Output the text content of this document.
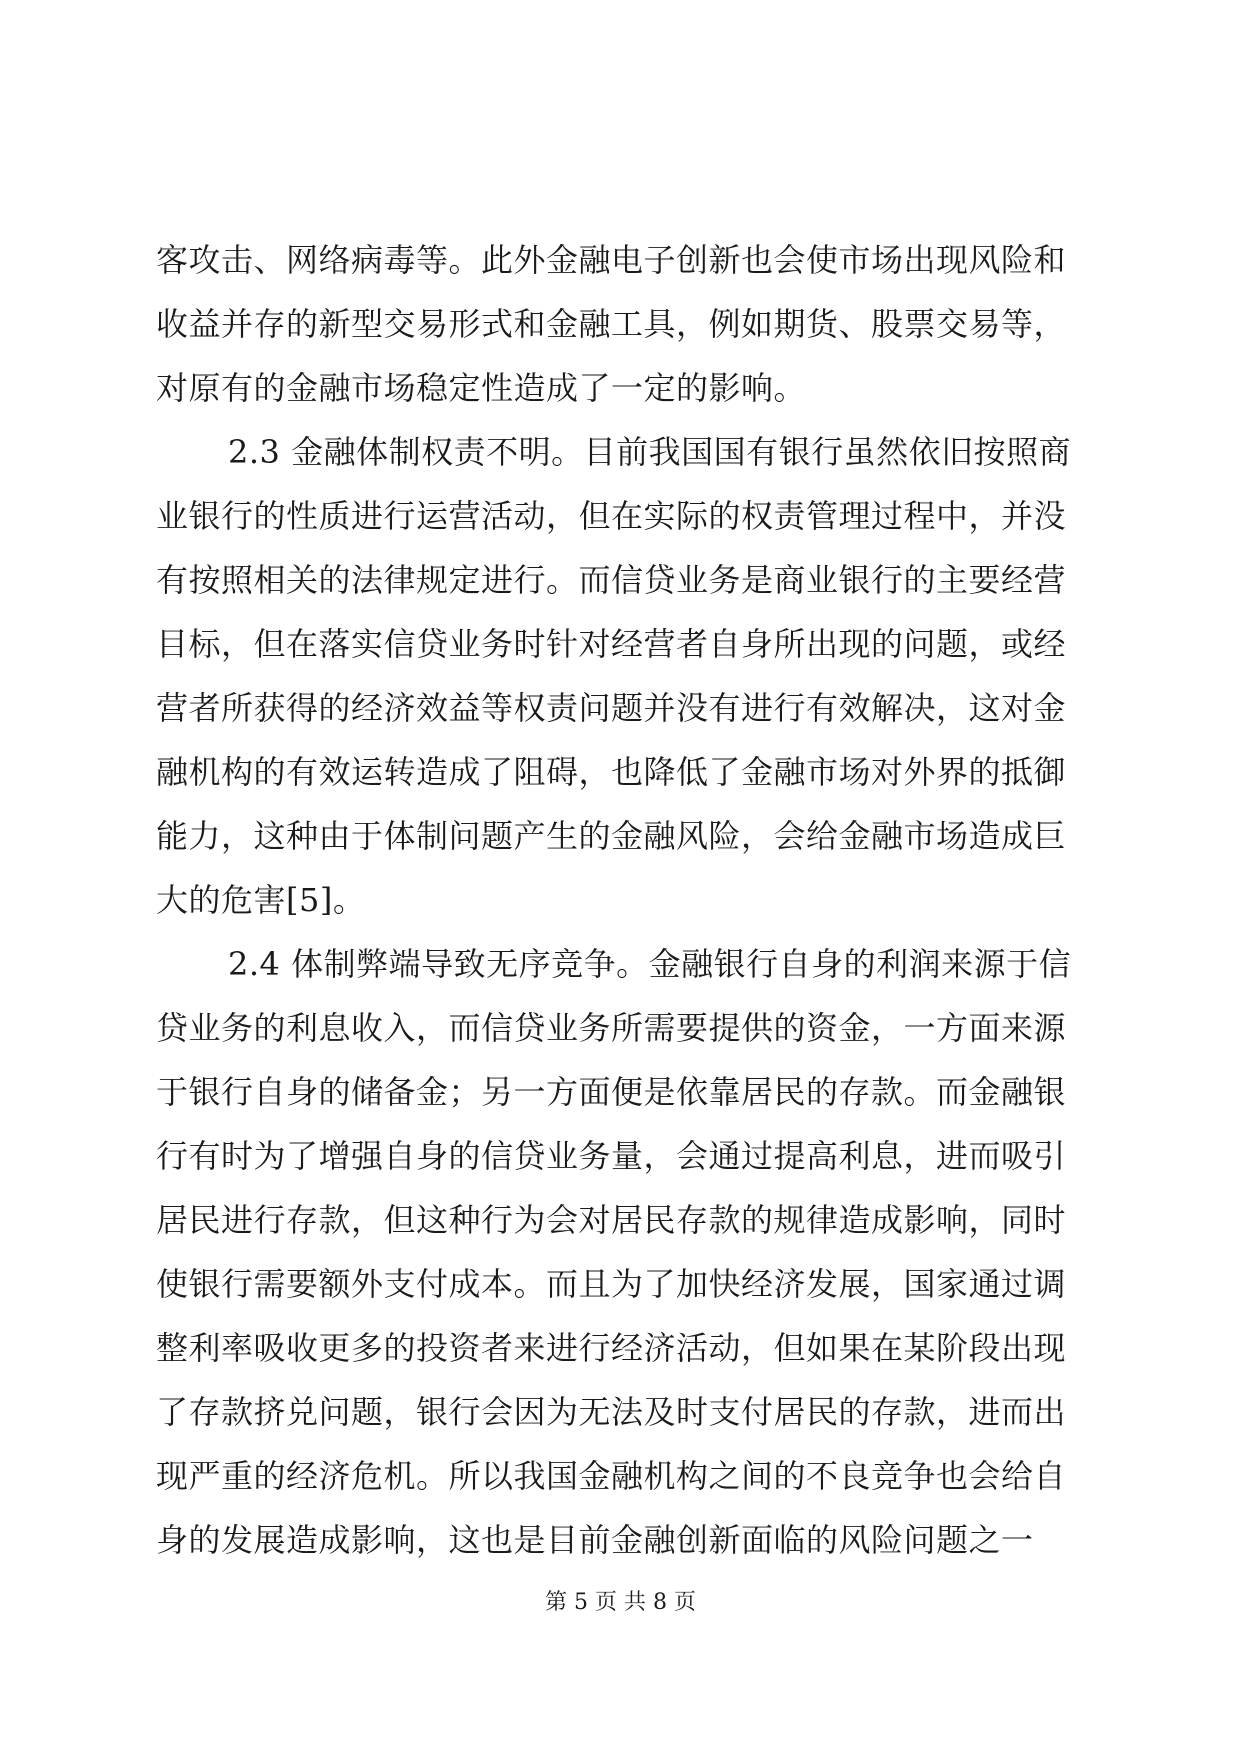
客攻击、网络病毒等。此外金融电子创新也会使市场出现风险和
收益并存的新型交易形式和金融工具，例如期货、股票交易等，
对原有的金融市场稳定性造成了一定的影响。
2.3 金融体制权责不明。目前我国国有银行虽然依旧按照商
业银行的性质进行运营活动，但在实际的权责管理过程中，并没
有按照相关的法律规定进行。而信贷业务是商业银行的主要经营
目标，但在落实信贷业务时针对经营者自身所出现的问题，或经
营者所获得的经济效益等权责问题并没有进行有效解决，这对金
融机构的有效运转造成了阻碍，也降低了金融市场对外界的抵御
能力，这种由于体制问题产生的金融风险，会给金融市场造成巨
大的危害[5]。
2.4 体制弊端导致无序竞争。金融银行自身的利润来源于信
贷业务的利息收入，而信贷业务所需要提供的资金，一方面来源
于银行自身的储备金；另一方面便是依靠居民的存款。而金融银
行有时为了增强自身的信贷业务量，会通过提高利息，进而吸引
居民进行存款，但这种行为会对居民存款的规律造成影响，同时
使银行需要额外支付成本。而且为了加快经济发展，国家通过调
整利率吸收更多的投资者来进行经济活动，但如果在某阶段出现
了存款挤兑问题，银行会因为无法及时支付居民的存款，进而出
现严重的经济危机。所以我国金融机构之间的不良竞争也会给自
身的发展造成影响，这也是目前金融创新面临的风险问题之一
第 5 页 共 8 页
